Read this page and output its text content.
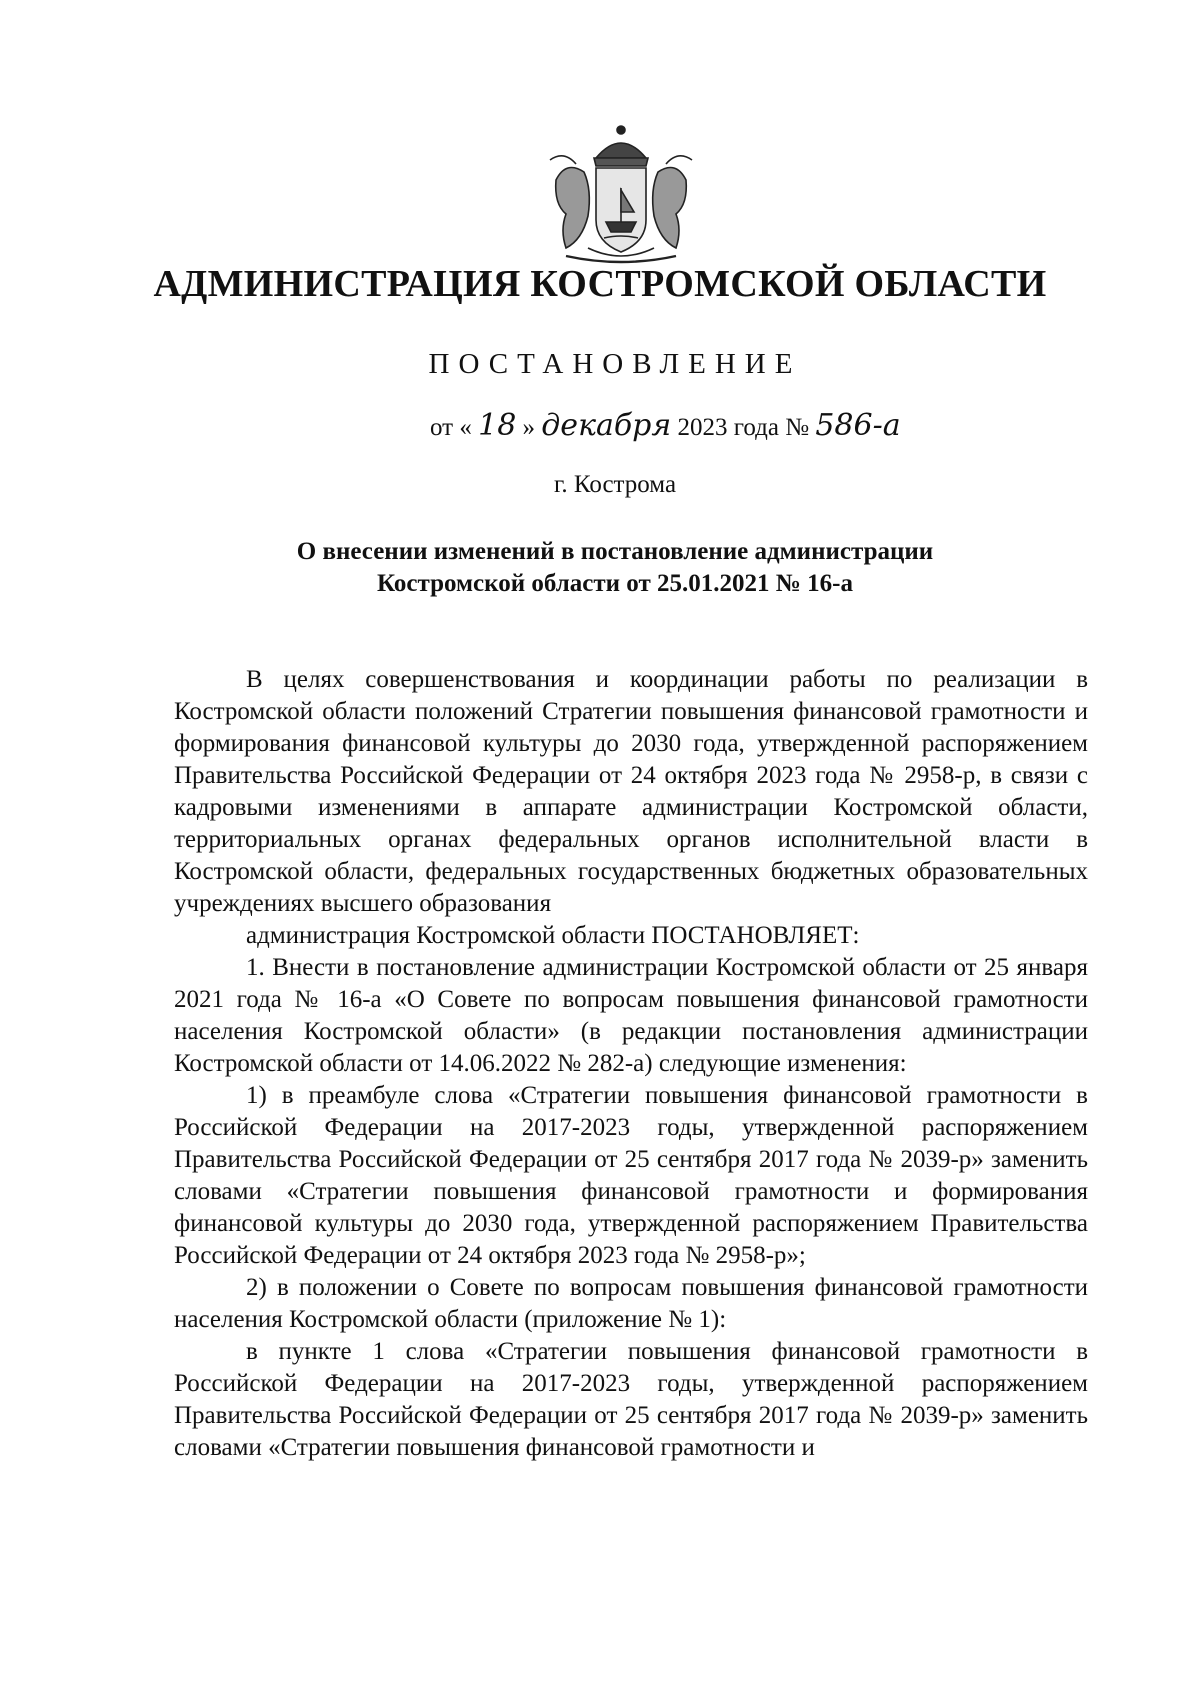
АДМИНИСТРАЦИЯ КОСТРОМСКОЙ ОБЛАСТИ
ПОСТАНОВЛЕНИЕ
от « 18 » декабря 2023 года № 586-а
г. Кострома
О внесении изменений в постановление администрации
Костромской области от 25.01.2021 № 16-а

В целях совершенствования и координации работы по реализации в Костромской области положений Стратегии повышения финансовой грамотности и формирования финансовой культуры до 2030 года, утвержденной распоряжением Правительства Российской Федерации от 24 октября 2023 года № 2958-р, в связи с кадровыми изменениями в аппарате администрации Костромской области, территориальных органах федеральных органов исполнительной власти в Костромской области, федеральных государственных бюджетных образовательных учреждениях высшего образования

администрация Костромской области ПОСТАНОВЛЯЕТ:

1. Внести в постановление администрации Костромской области от 25 января 2021 года № 16-а «О Совете по вопросам повышения финансовой грамотности населения Костромской области» (в редакции постановления администрации Костромской области от 14.06.2022 № 282-а) следующие изменения:

1) в преамбуле слова «Стратегии повышения финансовой грамотности в Российской Федерации на 2017-2023 годы, утвержденной распоряжением Правительства Российской Федерации от 25 сентября 2017 года № 2039-р» заменить словами «Стратегии повышения финансовой грамотности и формирования финансовой культуры до 2030 года, утвержденной распоряжением Правительства Российской Федерации от 24 октября 2023 года № 2958-р»;

2) в положении о Совете по вопросам повышения финансовой грамотности населения Костромской области (приложение № 1):

в пункте 1 слова «Стратегии повышения финансовой грамотности в Российской Федерации на 2017-2023 годы, утвержденной распоряжением Правительства Российской Федерации от 25 сентября 2017 года № 2039-р» заменить словами «Стратегии повышения финансовой грамотности и
